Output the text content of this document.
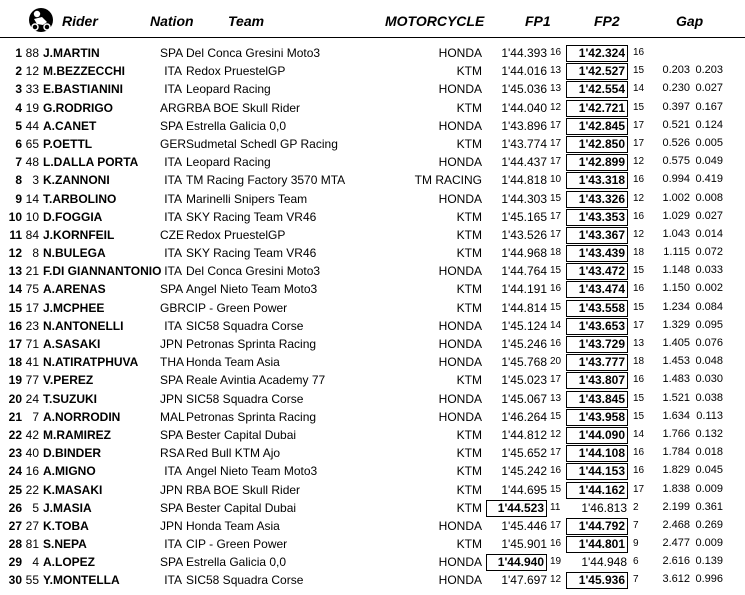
Rider	Nation Team	MOTORCYCLE	FP1	FP2	Gap
1 88 J.MARTIN	SPA Del Conca Gresini Moto3	HONDA	1'44.393 16	1'42.324 16
2 12 M.BEZZECCHI	ITA Redox PruestelGP	KTM	1'44.016 13	1'42.527 15	0.203 0.203
3 33 E.BASTIANINI	ITA Leopard Racing	HONDA	1'45.036 13	1'42.554 14	0.230 0.027
4 19 G.RODRIGO	ARG RBA BOE Skull Rider	KTM	1'44.040 12	1'42.721 15	0.397 0.167
5 44 A.CANET	SPA Estrella Galicia 0,0	HONDA	1'43.896 17	1'42.845 17	0.521 0.124
6 65 P.OETTL	GER Sudmetal Schedl GP Racing	KTM	1'43.774 17	1'42.850 17	0.526 0.005
7 48 L.DALLA PORTA	ITA Leopard Racing	HONDA	1'44.437 17	1'42.899 12	0.575 0.049
8 3 K.ZANNONI	ITA TM Racing Factory 3570 MTA	TM RACING	1'44.818 10	1'43.318 16	0.994 0.419
9 14 T.ARBOLINO	ITA Marinelli Snipers Team	HONDA	1'44.303 15	1'43.326 12	1.002 0.008
10 10 D.FOGGIA	ITA SKY Racing Team VR46	KTM	1'45.165 17	1'43.353 16	1.029 0.027
11 84 J.KORNFEIL	CZE Redox PruestelGP	KTM	1'43.526 17	1'43.367 12	1.043 0.014
12 8 N.BULEGA	ITA SKY Racing Team VR46	KTM	1'44.968 18	1'43.439 18	1.115 0.072
13 21 F.DI GIANNANTONIO ITA Del Conca Gresini Moto3	HONDA	1'44.764 15	1'43.472 15	1.148 0.033
14 75 A.ARENAS	SPA Angel Nieto Team Moto3	KTM	1'44.191 16	1'43.474 16	1.150 0.002
15 17 J.MCPHEE	GBR CIP - Green Power	KTM	1'44.814 15	1'43.558 15	1.234 0.084
16 23 N.ANTONELLI	ITA SIC58 Squadra Corse	HONDA	1'45.124 14	1'43.653 17	1.329 0.095
17 71 A.SASAKI	JPN Petronas Sprinta Racing	HONDA	1'45.246 16	1'43.729 13	1.405 0.076
18 41 N.ATIRATPHUVA THA Honda Team Asia	HONDA	1'45.768 20	1'43.777 18	1.453 0.048
19 77 V.PEREZ	SPA Reale Avintia Academy 77	KTM	1'45.023 17	1'43.807 16	1.483 0.030
20 24 T.SUZUKI	JPN SIC58 Squadra Corse	HONDA	1'45.067 13	1'43.845 15	1.521 0.038
21 7 A.NORRODIN	MAL Petronas Sprinta Racing	HONDA	1'46.264 15	1'43.958 15	1.634 0.113
22 42 M.RAMIREZ	SPA Bester Capital Dubai	KTM	1'44.812 12	1'44.090 14	1.766 0.132
23 40 D.BINDER	RSA Red Bull KTM Ajo	KTM	1'45.652 17	1'44.108 16	1.784 0.018
24 16 A.MIGNO	ITA Angel Nieto Team Moto3	KTM	1'45.242 16	1'44.153 16	1.829 0.045
25 22 K.MASAKI	JPN RBA BOE Skull Rider	KTM	1'44.695 15	1'44.162 17	1.838 0.009
26 5 J.MASIA	SPA Bester Capital Dubai	KTM	1'44.523 11	1'46.813 2	2.199 0.361
27 27 K.TOBA	JPN Honda Team Asia	HONDA	1'45.446 17	1'44.792 7	2.468 0.269
28 81 S.NEPA	ITA CIP - Green Power	KTM	1'45.901 16	1'44.801 9	2.477 0.009
29 4 A.LOPEZ	SPA Estrella Galicia 0,0	HONDA	1'44.940 19	1'44.948 6	2.616 0.139
30 55 Y.MONTELLA	ITA SIC58 Squadra Corse	HONDA	1'47.697 12	1'45.936 7	3.612 0.996
